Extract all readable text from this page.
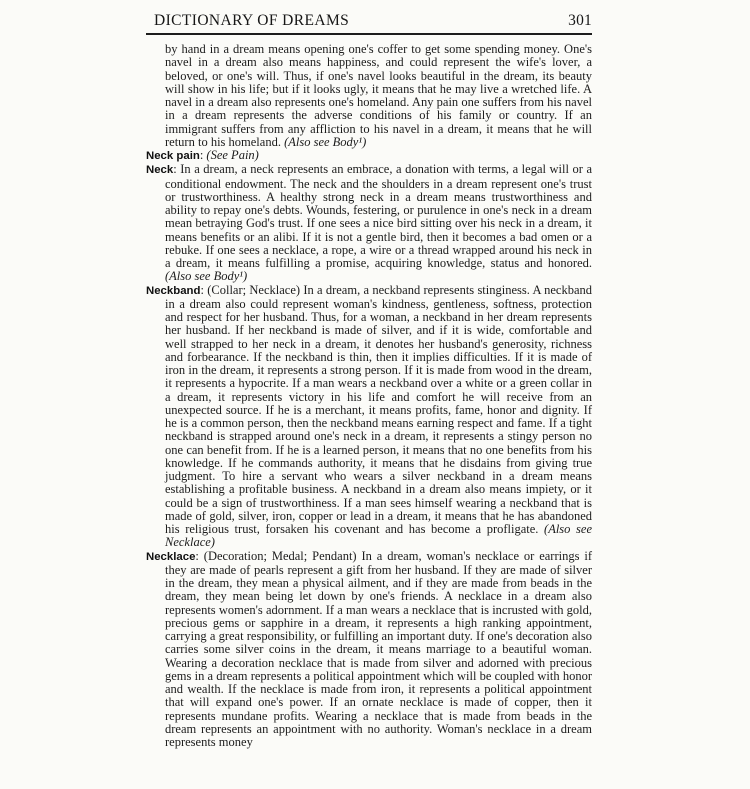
DICTIONARY OF DREAMS	301

by hand in a dream means opening one's coffer to get some spending money. One's navel in a dream also means happiness, and could represent the wife's lover, a beloved, or one's will. Thus, if one's navel looks beautiful in the dream, its beauty will show in his life; but if it looks ugly, it means that he may live a wretched life. A navel in a dream also represents one's homeland. Any pain one suffers from his navel in a dream represents the adverse conditions of his family or country. If an immigrant suffers from any affliction to his navel in a dream, it means that he will return to his homeland. (Also see Body¹)

Neck pain: (See Pain)

Neck: In a dream, a neck represents an embrace, a donation with terms, a legal will or a conditional endowment. The neck and the shoulders in a dream represent one's trust or trustworthiness. A healthy strong neck in a dream means trustworthiness and ability to repay one's debts. Wounds, festering, or purulence in one's neck in a dream mean betraying God's trust. If one sees a nice bird sitting over his neck in a dream, it means benefits or an alibi. If it is not a gentle bird, then it becomes a bad omen or a rebuke. If one sees a necklace, a rope, a wire or a thread wrapped around his neck in a dream, it means fulfilling a promise, acquiring knowledge, status and honored. (Also see Body¹)

Neckband: (Collar; Necklace) In a dream, a neckband represents stinginess. A neckband in a dream also could represent woman's kindness, gentleness, softness, protection and respect for her husband. Thus, for a woman, a neckband in her dream represents her husband. If her neckband is made of silver, and if it is wide, comfortable and well strapped to her neck in a dream, it denotes her husband's generosity, richness and forbearance. If the neckband is thin, then it implies difficulties. If it is made of iron in the dream, it represents a strong person. If it is made from wood in the dream, it represents a hypocrite. If a man wears a neckband over a white or a green collar in a dream, it represents victory in his life and comfort he will receive from an unexpected source. If he is a merchant, it means profits, fame, honor and dignity. If he is a common person, then the neckband means earning respect and fame. If a tight neckband is strapped around one's neck in a dream, it represents a stingy person no one can benefit from. If he is a learned person, it means that no one benefits from his knowledge. If he commands authority, it means that he disdains from giving true judgment. To hire a servant who wears a silver neckband in a dream means establishing a profitable business. A neckband in a dream also means impiety, or it could be a sign of trustworthiness. If a man sees himself wearing a neckband that is made of gold, silver, iron, copper or lead in a dream, it means that he has abandoned his religious trust, forsaken his covenant and has become a profligate. (Also see Necklace)

Necklace: (Decoration; Medal; Pendant) In a dream, woman's necklace or earrings if they are made of pearls represent a gift from her husband. If they are made of silver in the dream, they mean a physical ailment, and if they are made from beads in the dream, they mean being let down by one's friends. A necklace in a dream also represents women's adornment. If a man wears a necklace that is incrusted with gold, precious gems or sapphire in a dream, it represents a high ranking appointment, carrying a great responsibility, or fulfilling an important duty. If one's decoration also carries some silver coins in the dream, it means marriage to a beautiful woman. Wearing a decoration necklace that is made from silver and adorned with precious gems in a dream represents a political appointment which will be coupled with honor and wealth. If the necklace is made from iron, it represents a political appointment that will expand one's power. If an ornate necklace is made of copper, then it represents mundane profits. Wearing a necklace that is made from beads in the dream represents an appointment with no authority. Woman's necklace in a dream represents money
